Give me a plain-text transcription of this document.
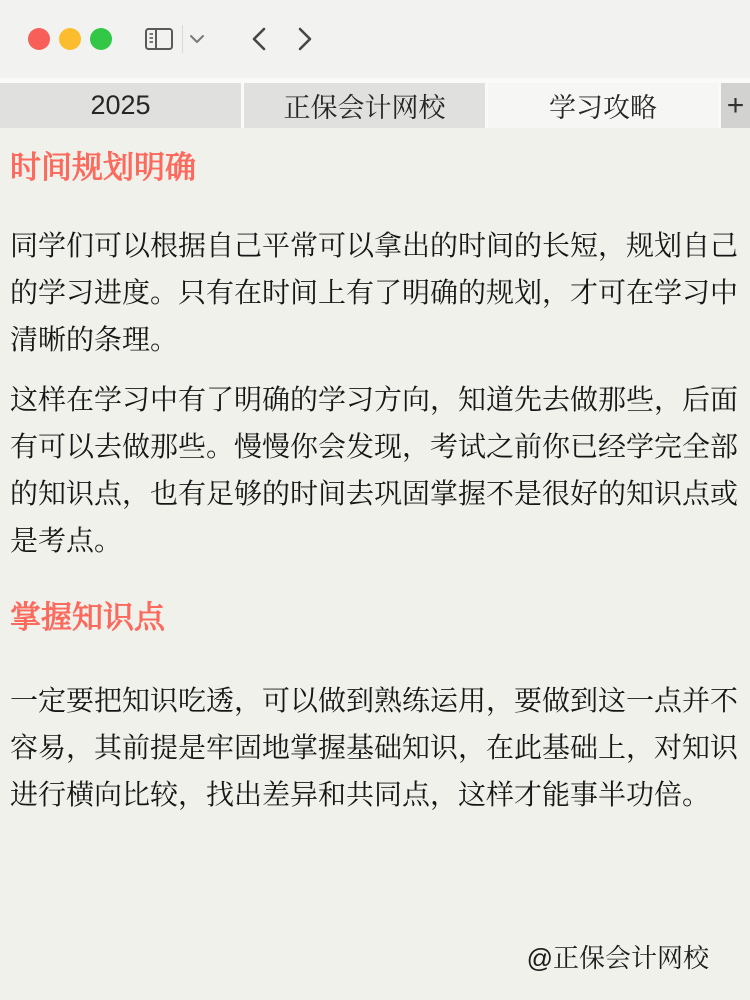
2025	正保会计网校	学习攻略	+
时间规划明确
同学们可以根据自己平常可以拿出的时间的长短，规划自己的学习进度。只有在时间上有了明确的规划，才可在学习中清晰的条理。
这样在学习中有了明确的学习方向，知道先去做那些，后面有可以去做那些。慢慢你会发现，考试之前你已经学完全部的知识点，也有足够的时间去巩固掌握不是很好的知识点或是考点。
掌握知识点
一定要把知识吃透，可以做到熟练运用，要做到这一点并不容易，其前提是牢固地掌握基础知识，在此基础上，对知识进行横向比较，找出差异和共同点，这样才能事半功倍。
@正保会计网校
